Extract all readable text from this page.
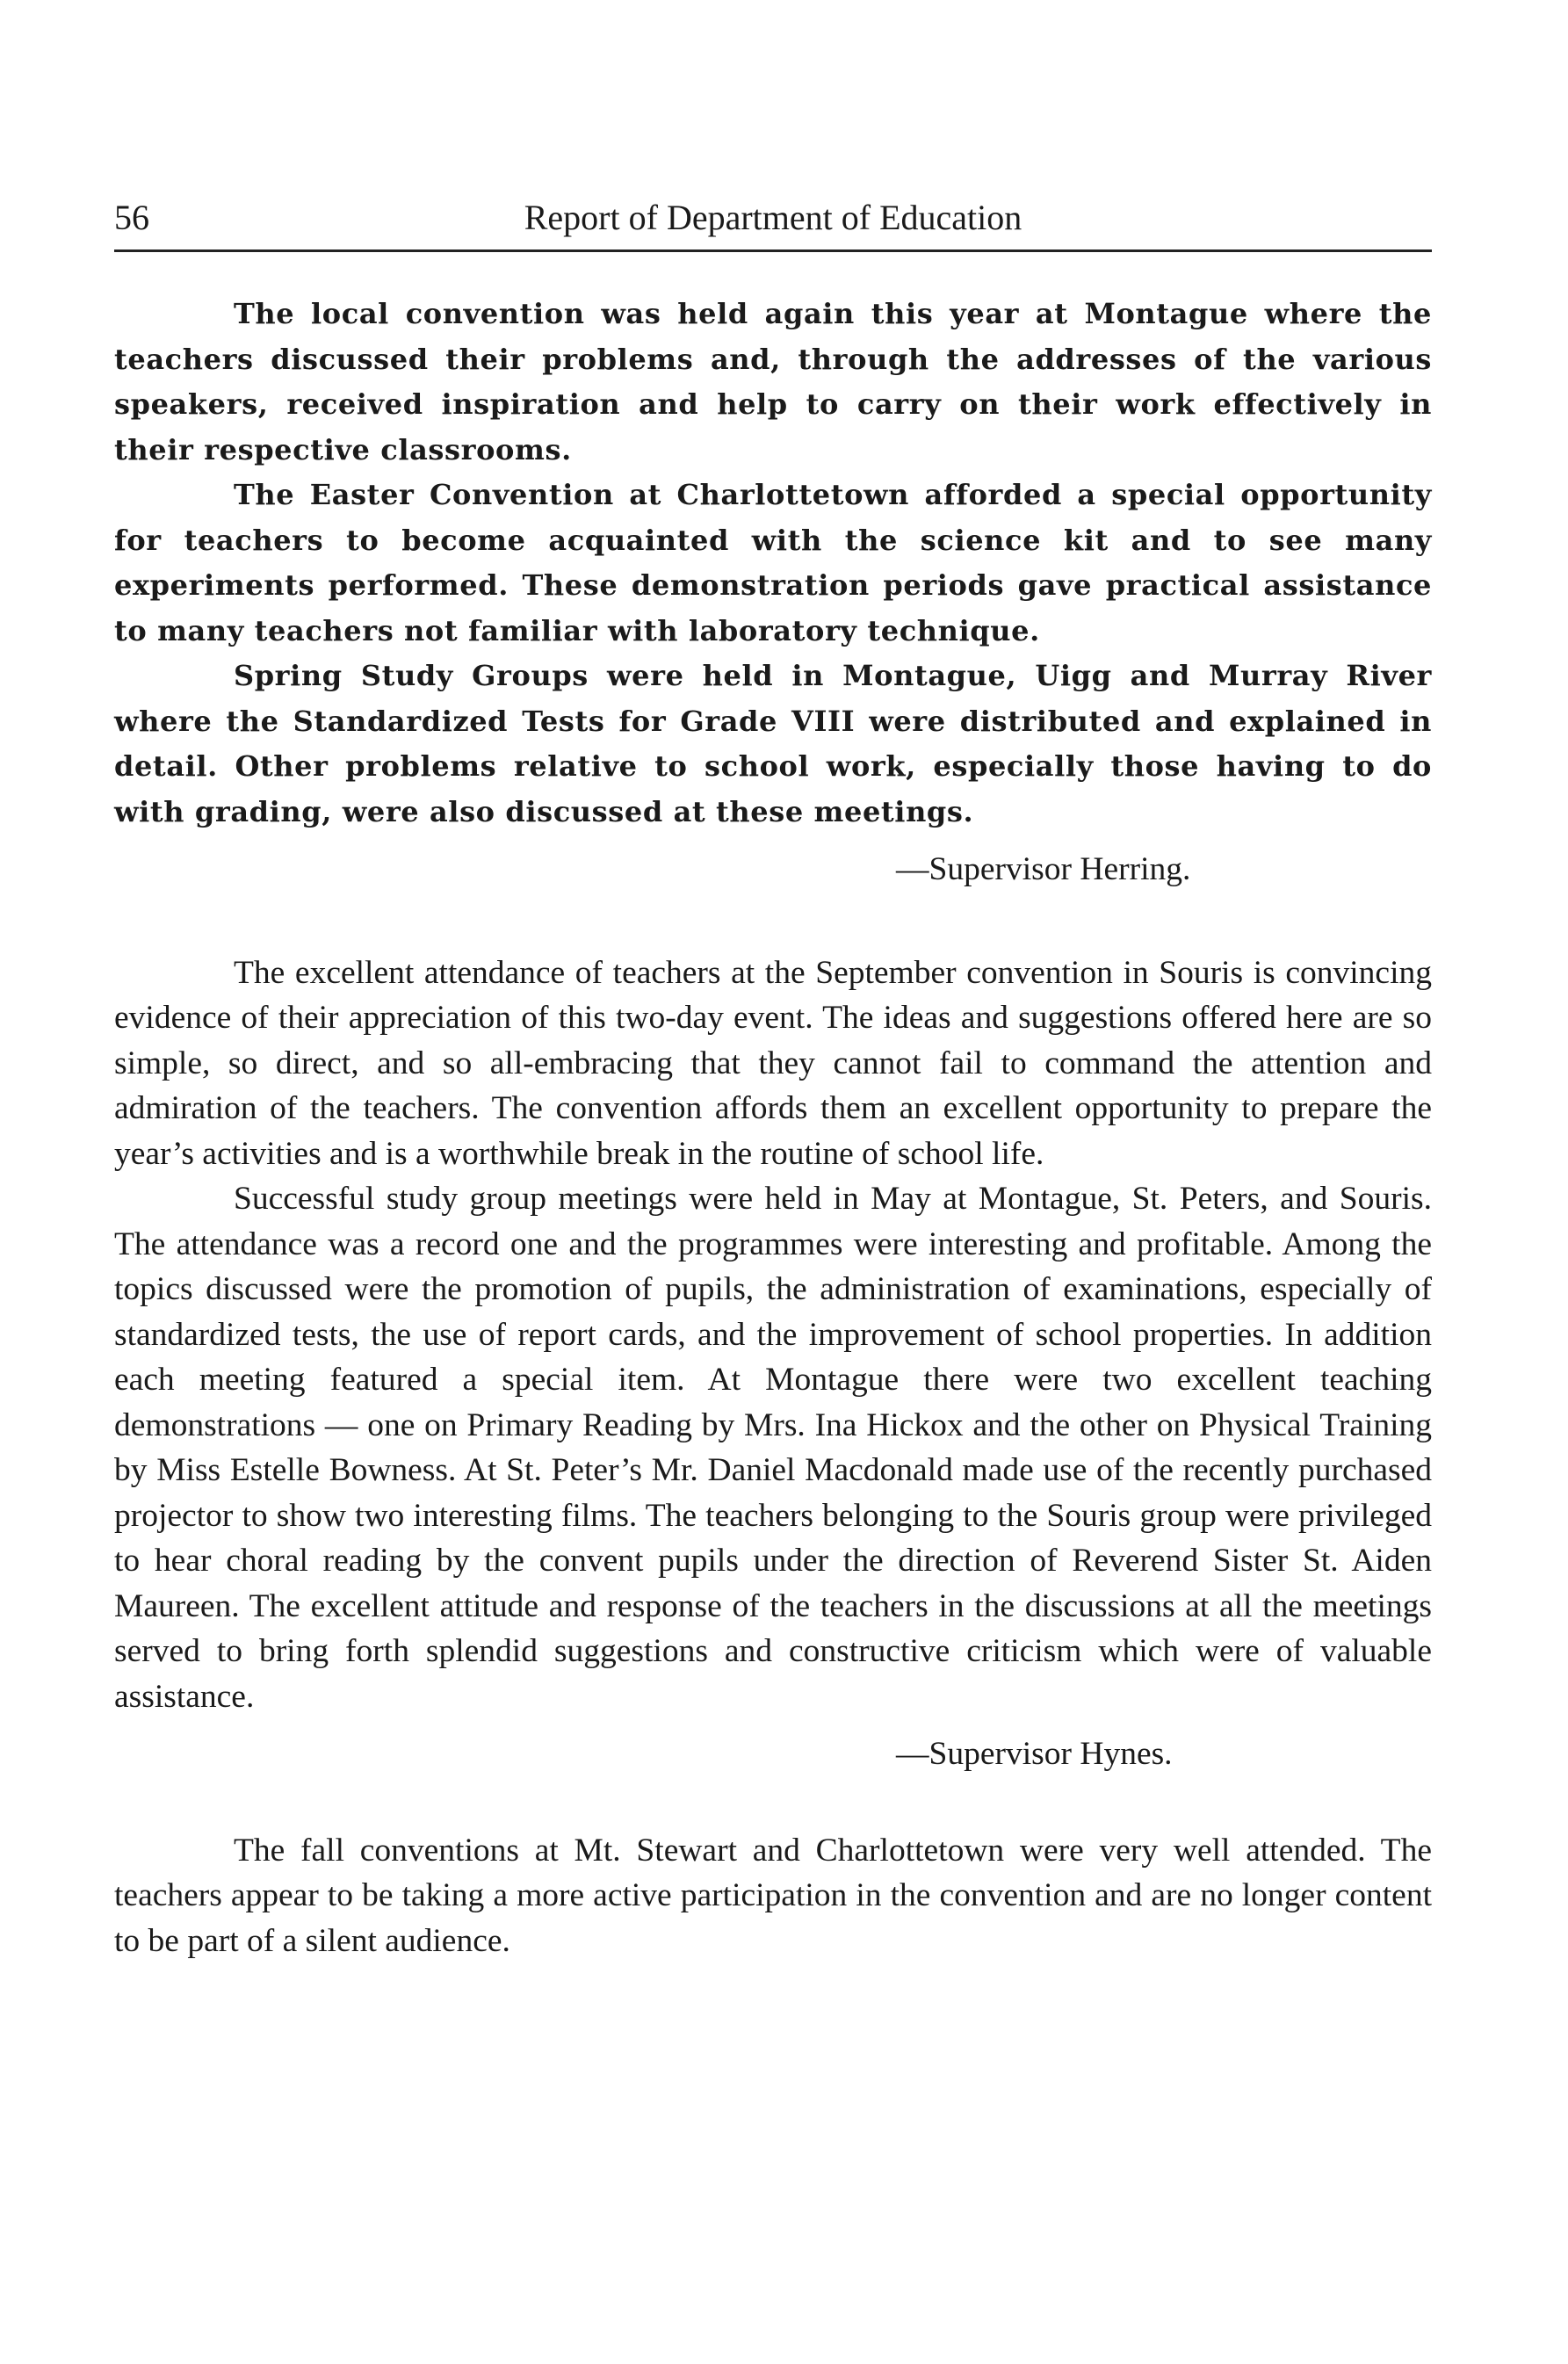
56	Report of Department of Education

The local convention was held again this year at Montague where the teachers discussed their problems and, through the addresses of the various speakers, received inspiration and help to carry on their work effectively in their respective classrooms.

The Easter Convention at Charlottetown afforded a special opportunity for teachers to become acquainted with the science kit and to see many experiments performed. These demonstration periods gave practical assistance to many teachers not familiar with laboratory technique.

Spring Study Groups were held in Montague, Uigg and Murray River where the Standardized Tests for Grade VIII were distributed and explained in detail. Other problems relative to school work, especially those having to do with grading, were also discussed at these meetings.

—Supervisor Herring.

The excellent attendance of teachers at the September convention in Souris is convincing evidence of their appreciation of this two-day event. The ideas and suggestions offered here are so simple, so direct, and so all-embracing that they cannot fail to command the attention and admiration of the teachers. The convention affords them an excellent opportunity to prepare the year’s activities and is a worthwhile break in the routine of school life.

Successful study group meetings were held in May at Montague, St. Peters, and Souris. The attendance was a record one and the programmes were interesting and profitable. Among the topics discussed were the promotion of pupils, the administration of examinations, especially of standardized tests, the use of report cards, and the improvement of school properties. In addition each meeting featured a special item. At Montague there were two excellent teaching demonstrations — one on Primary Reading by Mrs. Ina Hickox and the other on Physical Training by Miss Estelle Bowness. At St. Peter’s Mr. Daniel Macdonald made use of the recently purchased projector to show two interesting films. The teachers belonging to the Souris group were privileged to hear choral reading by the convent pupils under the direction of Reverend Sister St. Aiden Maureen. The excellent attitude and response of the teachers in the discussions at all the meetings served to bring forth splendid suggestions and constructive criticism which were of valuable assistance.

—Supervisor Hynes.

The fall conventions at Mt. Stewart and Charlottetown were very well attended. The teachers appear to be taking a more active participation in the convention and are no longer content to be part of a silent audience.
